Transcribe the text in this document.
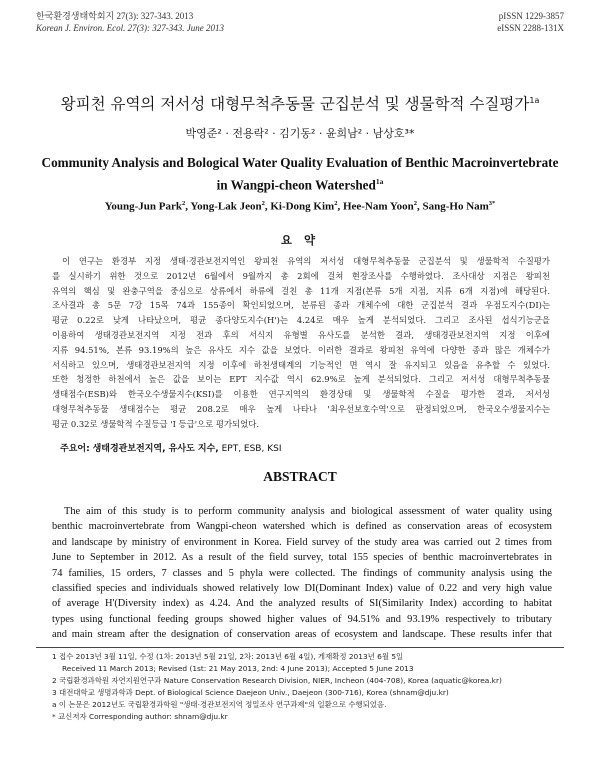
한국환경생태학회지 27(3): 327-343. 2013	pISSN 1229-3857
Korean J. Environ. Ecol. 27(3): 327-343. June 2013	eISSN 2288-131X
왕피천 유역의 저서성 대형무척추동물 군집분석 및 생물학적 수질평가$^{1a}$
박영준² · 전용락² · 김기동² · 윤희남² · 남상호³*
Community Analysis and Bological Water Quality Evaluation of Benthic Macroinvertebrate
in Wangpi-cheon Watershed$^{1a}$
Young-Jun Park$^2$, Yong-Lak Jeon$^2$, Ki-Dong Kim$^2$, Hee-Nam Yoon$^2$, Sang-Ho Nam$^{3*}$
요 약
이 연구는 환경부 지정 생태·경관보전지역인 왕피천 유역의 저서성 대형무척추동물 군집분석 및 생물학적 수질평가
를 실시하기 위한 것으로 2012년 6월에서 9월까지 총 2회에 걸쳐 현장조사를 수행하였다. 조사대상 지점은 왕피천
유역의 핵심 및 완충구역을 중심으로 상류에서 하류에 걸친 총 11개 지점(본류 5개 지점, 지류 6개 지점)에 해당된다.
조사결과 총 5문 7강 15목 74과 155종이 확인되었으며, 분류된 종과 개체수에 대한 군집분석 결과 우점도지수(DI)는
평균 0.22로 낮게 나타났으며, 평균 종다양도지수(H')는 4.24로 매우 높게 분석되었다. 그리고 조사된 섭식기능군을
이용하여 생태경관보전지역 지정 전과 후의 서식지 유형별 유사도를 분석한 결과, 생태경관보전지역 지정 이후에
지류 94.51%, 본류 93.19%의 높은 유사도 지수 값을 보였다. 이러한 결과로 왕피천 유역에 다양한 종과 많은 개체수가
서식하고 있으며, 생태경관보전지역 지정 이후에 하천생태계의 기능적인 면 역시 잘 유지되고 있음을 유추할 수 있었다.
또한 청정한 하천에서 높은 값을 보이는 EPT 지수값 역시 62.9%로 높게 분석되었다. 그리고 저서성 대형무척추동물
생태점수(ESB)와 한국오수생물지수(KSI)를 이용한 연구지역의 환경상태 및 생물학적 수질을 평가한 결과, 저서성
대형무척추동물 생태점수는 평균 208.2로 매우 높게 나타나 '최우선보호수역'으로 판정되었으며, 한국오수생물지수는
평균 0.32로 생물학적 수질등급 'I 등급'으로 평가되었다.
주요어: 생태경관보전지역, 유사도 지수, EPT, ESB, KSI
ABSTRACT
The aim of this study is to perform community analysis and biological assessment of water quality using
benthic macroinvertebrate from Wangpi-cheon watershed which is defined as conservation areas of ecosystem
and landscape by ministry of environment in Korea. Field survey of the study area was carried out 2 times from
June to September in 2012. As a result of the field survey, total 155 species of benthic macroinvertebrates in
74 families, 15 orders, 7 classes and 5 phyla were collected. The findings of community analysis using the
classified species and individuals showed relatively low DI(Dominant Index) value of 0.22 and very high value
of average H'(Diversity index) as 4.24. And the analyzed results of SI(Similarity Index) according to habitat
types using functional feeding groups showed higher values of 94.51% and 93.19% respectively to tributary
and main stream after the designation of conservation areas of ecosystem and landscape. These results infer that
1 접수 2013년 3월 11일, 수정 (1차: 2013년 5월 21일, 2차: 2013년 6월 4일), 게재확정 2013년 6월 5일
Received 11 March 2013; Revised (1st: 21 May 2013, 2nd: 4 June 2013); Accepted 5 June 2013
2 국립환경과학원 자연지원연구과 Nature Conservation Research Division, NIER, Incheon (404-708), Korea (aquatic@korea.kr)
3 대전대학교 생명과학과 Dept. of Biological Science Daejeon Univ., Daejeon (300-716), Korea (shnam@dju.kr)
a 이 논문은 2012년도 국립환경과학원 "생태·경관보전지역 정밀조사 연구과제"의 일환으로 수행되었음.
* 교신저자 Corresponding author: shnam@dju.kr
